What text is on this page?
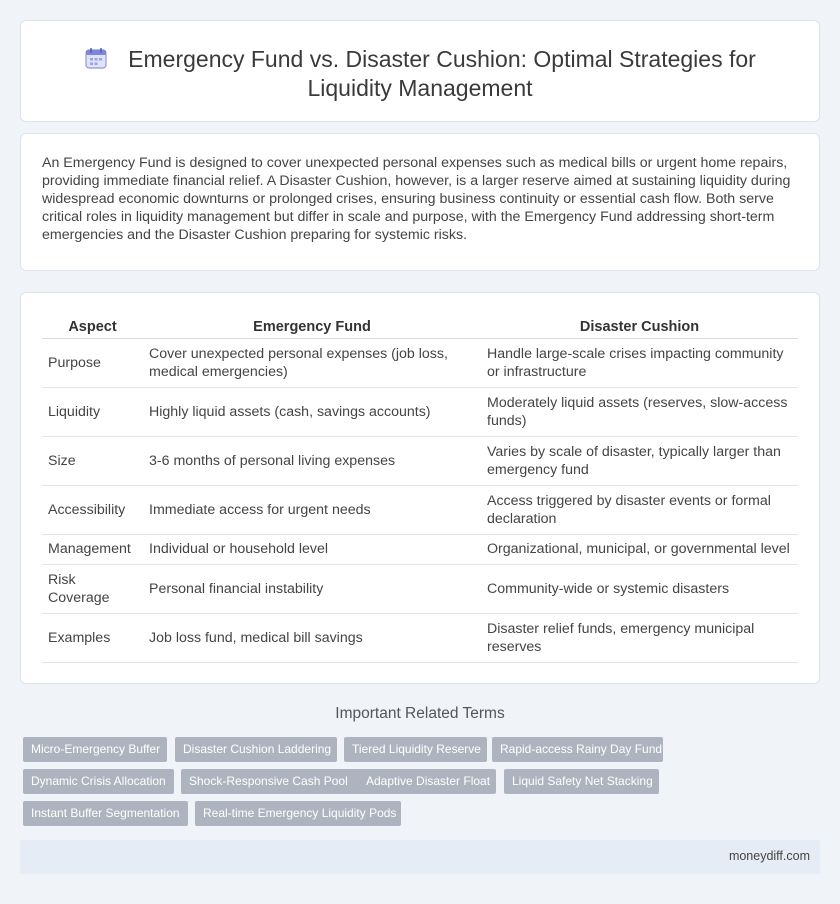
Emergency Fund vs. Disaster Cushion: Optimal Strategies for Liquidity Management

An Emergency Fund is designed to cover unexpected personal expenses such as medical bills or urgent home repairs, providing immediate financial relief. A Disaster Cushion, however, is a larger reserve aimed at sustaining liquidity during widespread economic downturns or prolonged crises, ensuring business continuity or essential cash flow. Both serve critical roles in liquidity management but differ in scale and purpose, with the Emergency Fund addressing short-term emergencies and the Disaster Cushion preparing for systemic risks.

Aspect	Emergency Fund	Disaster Cushion
Purpose	Cover unexpected personal expenses (job loss, medical emergencies)	Handle large-scale crises impacting community or infrastructure
Liquidity	Highly liquid assets (cash, savings accounts)	Moderately liquid assets (reserves, slow-access funds)
Size	3-6 months of personal living expenses	Varies by scale of disaster, typically larger than emergency fund
Accessibility	Immediate access for urgent needs	Access triggered by disaster events or formal declaration
Management	Individual or household level	Organizational, municipal, or governmental level
Risk Coverage	Personal financial instability	Community-wide or systemic disasters
Examples	Job loss fund, medical bill savings	Disaster relief funds, emergency municipal reserves
Important Related Terms
Micro-Emergency Buffer	Disaster Cushion Laddering	Tiered Liquidity Reserve	Rapid-access Rainy Day Fund
Dynamic Crisis Allocation	Shock-Responsive Cash Pool	Adaptive Disaster Float	Liquid Safety Net Stacking
Instant Buffer Segmentation	Real-time Emergency Liquidity Pods
moneydiff.com
